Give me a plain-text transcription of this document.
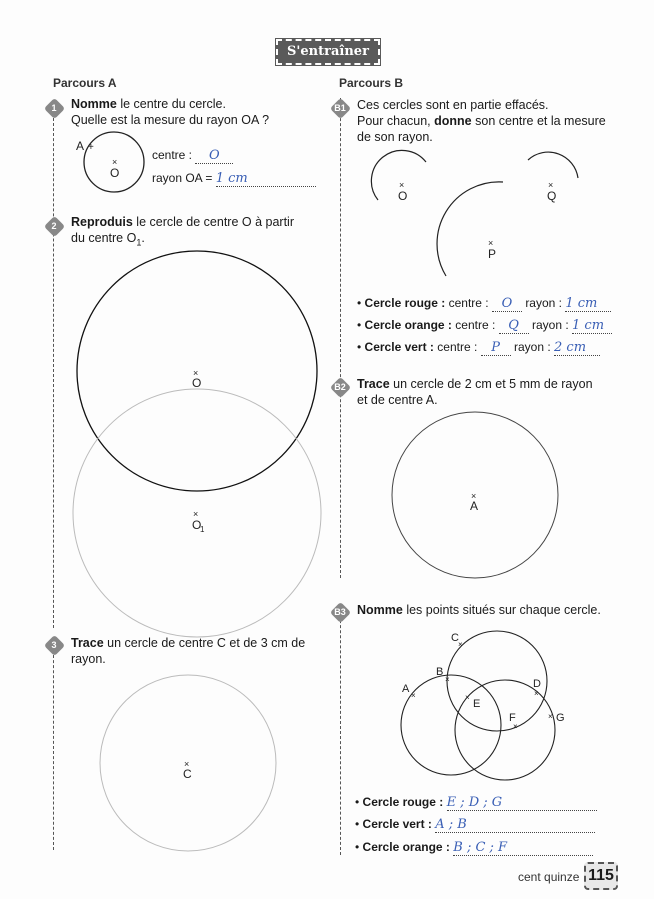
S'entraîner
Parcours A
1	Nomme le centre du cercle.
Quelle est la mesure du rayon OA ?
×
A +
O
centre : O
rayon OA = 1 cm
2	Reproduis le cercle de centre O à partir
du centre $O_1$.
×
O
×
O
1
3	Trace un cercle de centre C et de 3 cm de rayon.
×
C
Parcours B
B1 Ces cercles sont en partie effacés.
Pour chacun, donne son centre et la mesure
de son rayon.
×
O
×
Q
×
P
• Cercle rouge : centre : O rayon : 1 cm
• Cercle orange : centre : Q rayon : 1 cm
• Cercle vert : centre : P rayon : 2 cm
B2 Trace un cercle de 2 cm et 5 mm de rayon
et de centre A.
×
A
B3 Nomme les points situés sur chaque cercle.
×
C
×
B
×
A	×
D
×
E
×
F	× G
• Cercle rouge : E ; D ; G
• Cercle vert : A ; B
• Cercle orange : B ; C ; F
cent quinze 115
